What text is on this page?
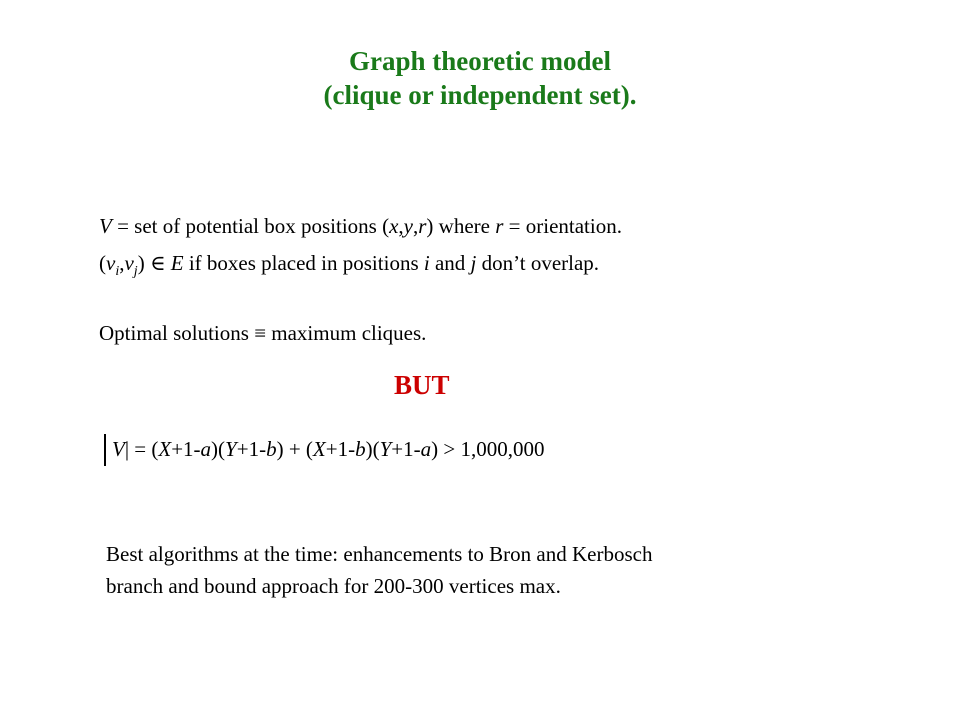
Graph theoretic model
(clique or independent set).
V = set of potential box positions (x,y,r) where r = orientation.
$(v_i,v_j)$ ∈ E if boxes placed in positions i and j don’t overlap.
Optimal solutions ≡ maximum cliques.
BUT
V| = (X+1-a)(Y+1-b) + (X+1-b)(Y+1-a) > 1,000,000
Best algorithms at the time: enhancements to Bron and Kerbosch
branch and bound approach for 200-300 vertices max.
